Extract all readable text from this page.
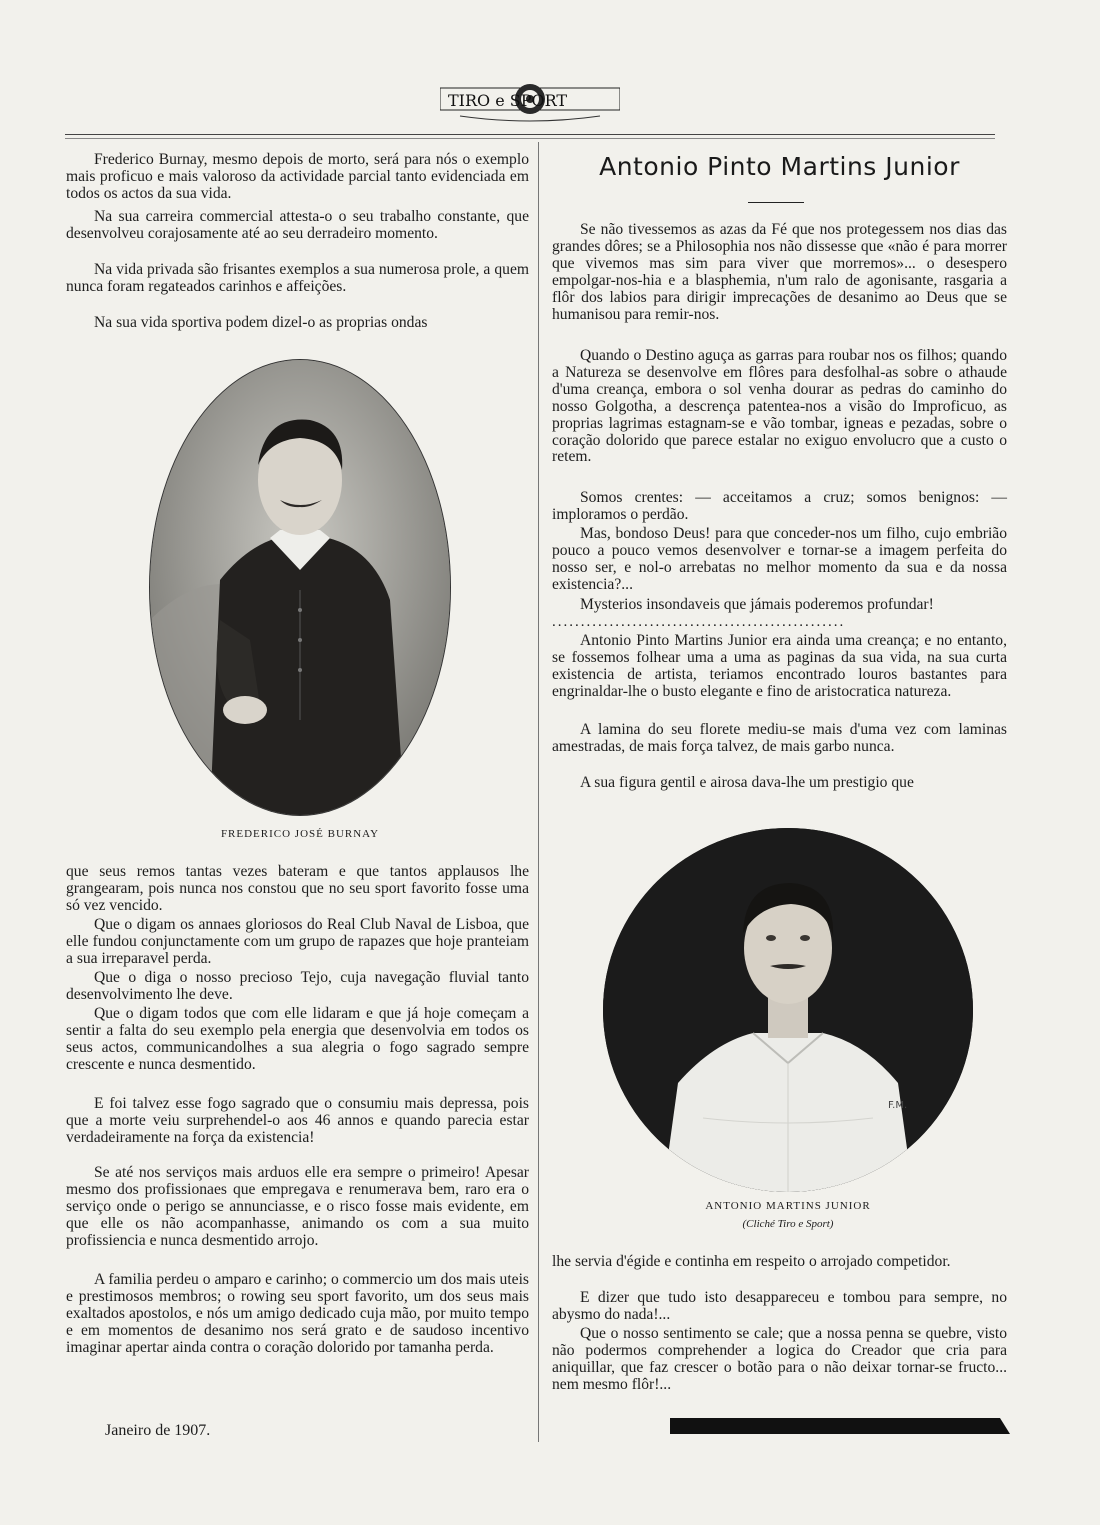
TIRO e SPORT

Frederico Burnay, mesmo depois de morto, será para nós o exemplo mais proficuo e mais valoroso da actividade parcial tanto evidenciada em todos os actos da sua vida.

Na sua carreira commercial attesta-o o seu trabalho constante, que desenvolveu corajosamente até ao seu derradeiro momento.

Na vida privada são frisantes exemplos a sua numerosa prole, a quem nunca foram regateados carinhos e affeições.

Na sua vida sportiva podem dizel-o as proprias ondas

FREDERICO JOSÉ BURNAY

que seus remos tantas vezes bateram e que tantos applausos lhe grangearam, pois nunca nos constou que no seu sport favorito fosse uma só vez vencido.

Que o digam os annaes gloriosos do Real Club Naval de Lisboa, que elle fundou conjunctamente com um grupo de rapazes que hoje pranteiam a sua irreparavel perda.

Que o diga o nosso precioso Tejo, cuja navegação fluvial tanto desenvolvimento lhe deve.

Que o digam todos que com elle lidaram e que já hoje começam a sentir a falta do seu exemplo pela energia que desenvolvia em todos os seus actos, communicandolhes a sua alegria o fogo sagrado sempre crescente e nunca desmentido.

E foi talvez esse fogo sagrado que o consumiu mais depressa, pois que a morte veiu surprehendel-o aos 46 annos e quando parecia estar verdadeiramente na força da existencia!

Se até nos serviços mais arduos elle era sempre o primeiro! Apesar mesmo dos profissionaes que empregava e renumerava bem, raro era o serviço onde o perigo se annunciasse, e o risco fosse mais evidente, em que elle os não acompanhasse, animando os com a sua muito profissiencia e nunca desmentido arrojo.

A familia perdeu o amparo e carinho; o commercio um dos mais uteis e prestimosos membros; o rowing seu sport favorito, um dos seus mais exaltados apostolos, e nós um amigo dedicado cuja mão, por muito tempo e em momentos de desanimo nos será grato e de saudoso incentivo imaginar apertar ainda contra o coração dolorido por tamanha perda.

Janeiro de 1907.

Antonio Pinto Martins Junior

Se não tivessemos as azas da Fé que nos protegessem nos dias das grandes dôres; se a Philosophia nos não dissesse que «não é para morrer que vivemos mas sim para viver que morremos»... o desespero empolgar-nos-hia e a blasphemia, n'um ralo de agonisante, rasgaria a flôr dos labios para dirigir imprecações de desanimo ao Deus que se humanisou para remir-nos.

Quando o Destino aguça as garras para roubar nos os filhos; quando a Natureza se desenvolve em flôres para desfolhal-as sobre o athaude d'uma creança, embora o sol venha dourar as pedras do caminho do nosso Golgotha, a descrença patentea-nos a visão do Improficuo, as proprias lagrimas estagnam-se e vão tombar, igneas e pezadas, sobre o coração dolorido que parece estalar no exiguo envolucro que a custo o retem.

Somos crentes: — acceitamos a cruz; somos benignos: — imploramos o perdão.

Mas, bondoso Deus! para que conceder-nos um filho, cujo embrião pouco a pouco vemos desenvolver e tornar-se a imagem perfeita do nosso ser, e nol-o arrebatas no melhor momento da sua e da nossa existencia?...

Mysterios insondaveis que jámais poderemos profundar!

...................................................

Antonio Pinto Martins Junior era ainda uma creança; e no entanto, se fossemos folhear uma a uma as paginas da sua vida, na sua curta existencia de artista, teriamos encontrado louros bastantes para engrinaldar-lhe o busto elegante e fino de aristocratica natureza.

A lamina do seu florete mediu-se mais d'uma vez com laminas amestradas, de mais força talvez, de mais garbo nunca.

A sua figura gentil e airosa dava-lhe um prestigio que

F.M.

ANTONIO MARTINS JUNIOR

(Cliché Tiro e Sport)

lhe servia d'égide e continha em respeito o arrojado competidor.

E dizer que tudo isto desappareceu e tombou para sempre, no abysmo do nada!...

Que o nosso sentimento se cale; que a nossa penna se quebre, visto não podermos comprehender a logica do Creador que cria para aniquillar, que faz crescer o botão para o não deixar tornar-se fructo... nem mesmo flôr!...
